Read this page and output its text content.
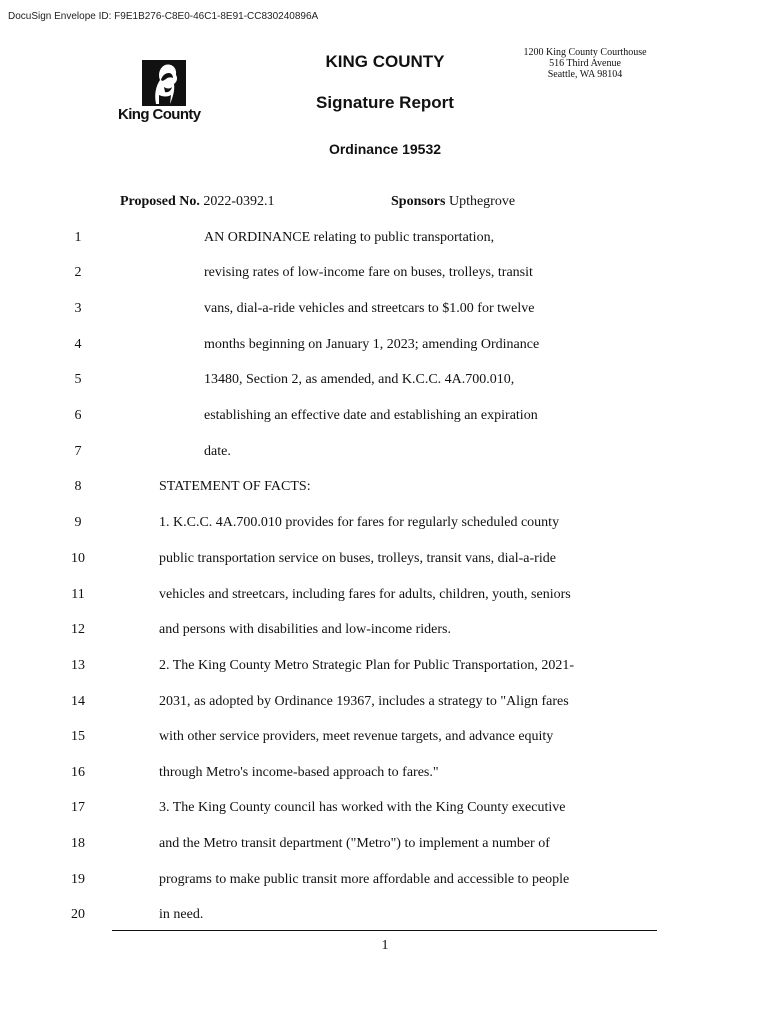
DocuSign Envelope ID: F9E1B276-C8E0-46C1-8E91-CC830240896A
King County
KING COUNTY
Signature Report
Ordinance 19532
1200 King County Courthouse
516 Third Avenue
Seattle, WA 98104
Proposed No. 2022-0392.1	Sponsors Upthegrove
1	AN ORDINANCE relating to public transportation,
2	revising rates of low-income fare on buses, trolleys, transit
3	vans, dial-a-ride vehicles and streetcars to $1.00 for twelve
4	months beginning on January 1, 2023; amending Ordinance
5	13480, Section 2, as amended, and K.C.C. 4A.700.010,
6	establishing an effective date and establishing an expiration
7	date.
8	STATEMENT OF FACTS:
9	1. K.C.C. 4A.700.010 provides for fares for regularly scheduled county
10	public transportation service on buses, trolleys, transit vans, dial-a-ride
11	vehicles and streetcars, including fares for adults, children, youth, seniors
12	and persons with disabilities and low-income riders.
13	2. The King County Metro Strategic Plan for Public Transportation, 2021-
14	2031, as adopted by Ordinance 19367, includes a strategy to "Align fares
15	with other service providers, meet revenue targets, and advance equity
16	through Metro's income-based approach to fares."
17	3. The King County council has worked with the King County executive
18	and the Metro transit department ("Metro") to implement a number of
19	programs to make public transit more affordable and accessible to people
20	in need.
1
